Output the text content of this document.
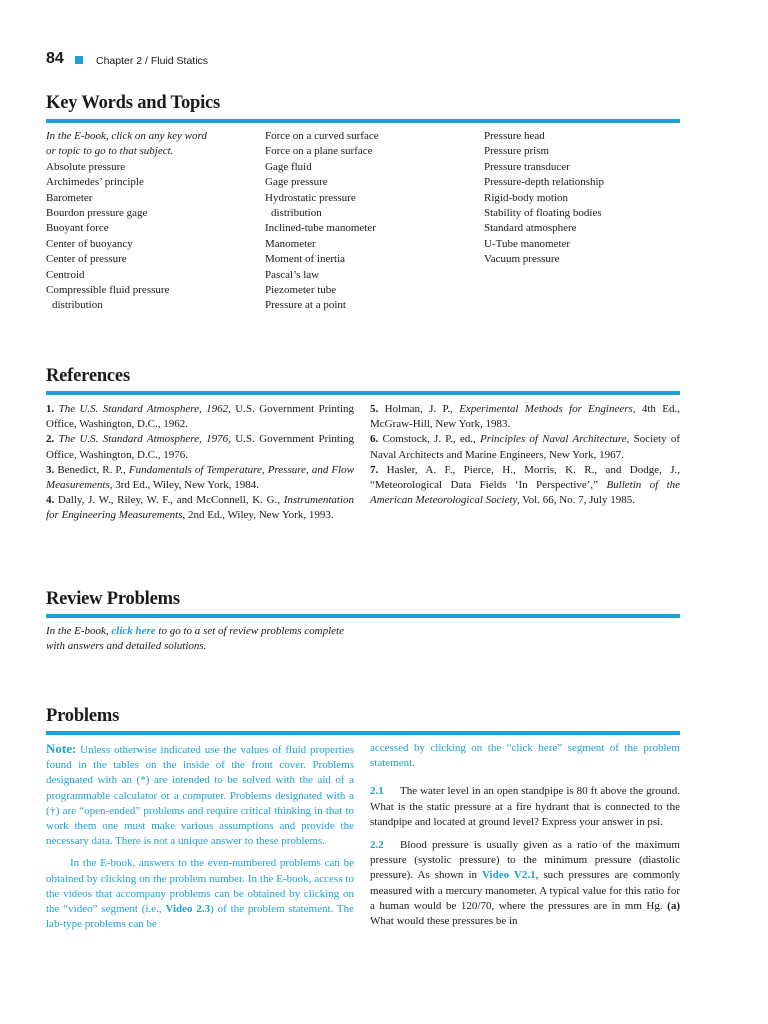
84	Chapter 2 / Fluid Statics
Key Words and Topics
In the E-book, click on any key word
or topic to go to that subject.
Absolute pressure
Archimedes’ principle
Barometer
Bourdon pressure gage
Buoyant force
Center of buoyancy
Center of pressure
Centroid
Compressible fluid pressure
distribution
Force on a curved surface
Force on a plane surface
Gage fluid
Gage pressure
Hydrostatic pressure
distribution
Inclined-tube manometer
Manometer
Moment of inertia
Pascal’s law
Piezometer tube
Pressure at a point
Pressure head
Pressure prism
Pressure transducer
Pressure-depth relationship
Rigid-body motion
Stability of floating bodies
Standard atmosphere
U-Tube manometer
Vacuum pressure
References

1. The U.S. Standard Atmosphere, 1962, U.S. Government Printing Office, Washington, D.C., 1962.

2. The U.S. Standard Atmosphere, 1976, U.S. Government Printing Office, Washington, D.C., 1976.

3. Benedict, R. P., Fundamentals of Temperature, Pressure, and Flow Measurements, 3rd Ed., Wiley, New York, 1984.

4. Dally, J. W., Riley, W. F., and McConnell, K. G., Instrumentation for Engineering Measurements, 2nd Ed., Wiley, New York, 1993.

5. Holman, J. P., Experimental Methods for Engineers, 4th Ed., McGraw-Hill, New York, 1983.

6. Comstock, J. P., ed., Principles of Naval Architecture, Society of Naval Architects and Marine Engineers, New York, 1967.

7. Hasler, A. F., Pierce, H., Morris, K. R., and Dodge, J., “Meteorological Data Fields ‘In Perspective’,” Bulletin of the American Meteorological Society, Vol. 66, No. 7, July 1985.

Review Problems
In the E-book, click here to go to a set of review problems complete with answers and detailed solutions.
Problems

Note: Unless otherwise indicated use the values of fluid properties found in the tables on the inside of the front cover. Problems designated with an (*) are intended to be solved with the aid of a programmable calculator or a computer. Problems designated with a (†) are “open-ended” problems and require critical thinking in that to work them one must make various assumptions and provide the necessary data. There is not a unique answer to these problems.

In the E-book, answers to the even-numbered problems can be obtained by clicking on the problem number. In the E-book, access to the videos that accompany problems can be obtained by clicking on the “video” segment (i.e., Video 2.3) of the problem statement. The lab-type problems can be

accessed by clicking on the “click here” segment of the problem statement.

2.1 The water level in an open standpipe is 80 ft above the ground. What is the static pressure at a fire hydrant that is connected to the standpipe and located at ground level? Express your answer in psi.

2.2 Blood pressure is usually given as a ratio of the maximum pressure (systolic pressure) to the minimum pressure (diastolic pressure). As shown in Video V2.1, such pressures are commonly measured with a mercury manometer. A typical value for this ratio for a human would be 120/70, where the pressures are in mm Hg. (a) What would these pressures be in
